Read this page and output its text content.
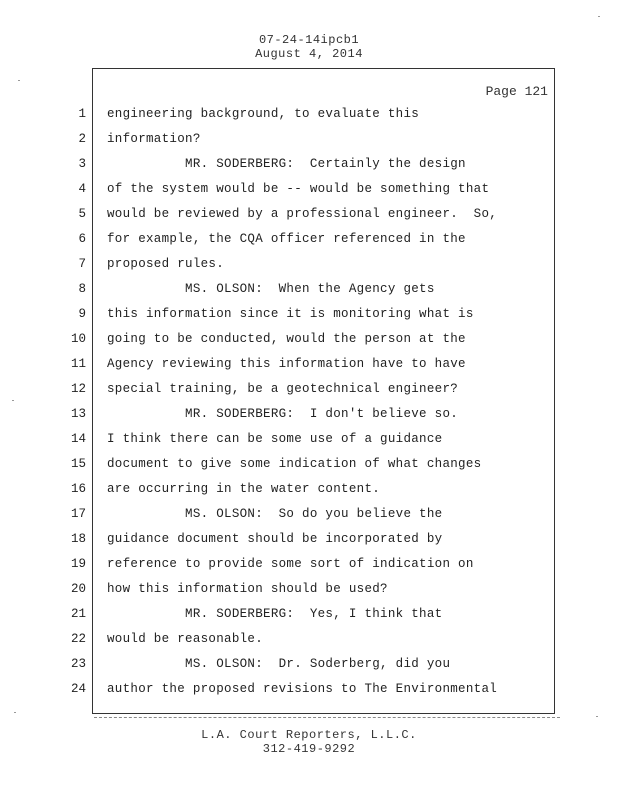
07-24-14ipcb1
August 4, 2014
Page 121
1 engineering background, to evaluate this
2 information?
3 MR. SODERBERG:  Certainly the design
4 of the system would be -- would be something that
5 would be reviewed by a professional engineer.  So,
6 for example, the CQA officer referenced in the
7 proposed rules.
8 MS. OLSON:  When the Agency gets
9 this information since it is monitoring what is
10 going to be conducted, would the person at the
11 Agency reviewing this information have to have
12 special training, be a geotechnical engineer?
13 MR. SODERBERG:  I don't believe so.
14 I think there can be some use of a guidance
15 document to give some indication of what changes
16 are occurring in the water content.
17 MS. OLSON:  So do you believe the
18 guidance document should be incorporated by
19 reference to provide some sort of indication on
20 how this information should be used?
21 MR. SODERBERG:  Yes, I think that
22 would be reasonable.
23 MS. OLSON:  Dr. Soderberg, did you
24 author the proposed revisions to The Environmental
L.A. Court Reporters, L.L.C.
312-419-9292
